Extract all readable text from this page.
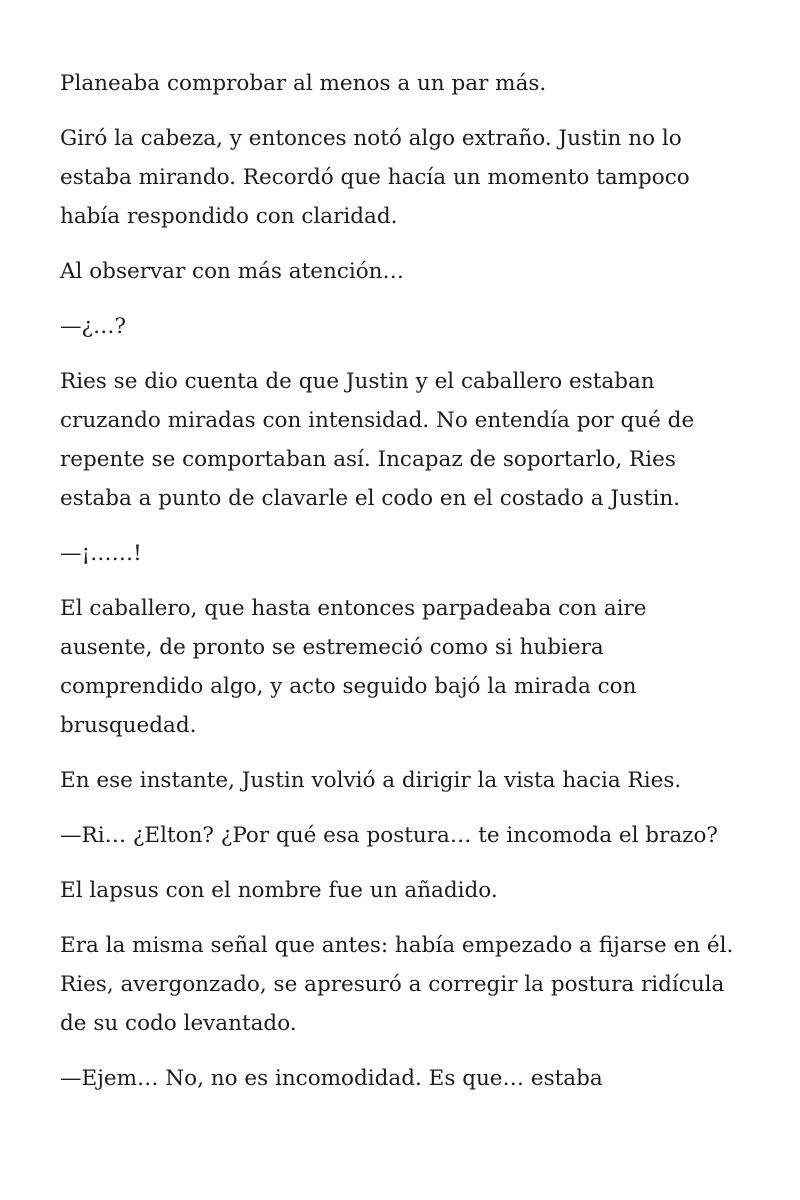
Planeaba comprobar al menos a un par más.

Giró la cabeza, y entonces notó algo extraño. Justin no lo estaba mirando. Recordó que hacía un momento tampoco había respondido con claridad.

Al observar con más atención…

—¿…?

Ries se dio cuenta de que Justin y el caballero estaban cruzando miradas con intensidad. No entendía por qué de repente se comportaban así. Incapaz de soportarlo, Ries estaba a punto de clavarle el codo en el costado a Justin.

—¡……!

El caballero, que hasta entonces parpadeaba con aire ausente, de pronto se estremeció como si hubiera comprendido algo, y acto seguido bajó la mirada con brusquedad.

En ese instante, Justin volvió a dirigir la vista hacia Ries.

—Ri… ¿Elton? ¿Por qué esa postura… te incomoda el brazo?

El lapsus con el nombre fue un añadido.

Era la misma señal que antes: había empezado a fijarse en él. Ries, avergonzado, se apresuró a corregir la postura ridícula de su codo levantado.

—Ejem… No, no es incomodidad. Es que… estaba
